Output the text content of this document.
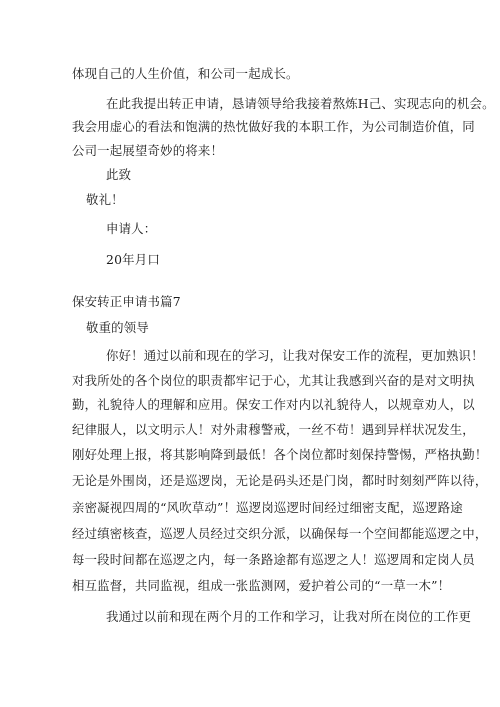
体现自己的人生价值，和公司一起成长。
在此我提出转正申请，恳请领导给我接着熬炼H己、实现志向的机会。
我会用虚心的看法和饱满的热忱做好我的本职工作，为公司制造价值，同
公司一起展望奇妙的将来！
此致
敬礼！
申请人：
20年月口
保安转正申请书篇7
敬重的领导
你好！通过以前和现在的学习，让我对保安工作的流程，更加熟识！
对我所处的各个岗位的职责都牢记于心，尤其让我感到兴奋的是对文明执
勤，礼貌待人的理解和应用。保安工作对内以礼貌待人，以规章劝人，以
纪律服人，以文明示人！对外肃穆警戒，一丝不苟！遇到异样状况发生，
刚好处理上报，将其影响降到最低！各个岗位都时刻保持警惕，严格执勤！
无论是外围岗，还是巡逻岗，无论是码头还是门岗，都时时刻刻严阵以待，
亲密凝视四周的“风吹草动”！巡逻岗巡逻时间经过细密支配，巡逻路途
经过缜密核查，巡逻人员经过交织分派，以确保每一个空间都能巡逻之中，
每一段时间都在巡逻之内，每一条路途都有巡逻之人！巡逻周和定岗人员
相互监督，共同监视，组成一张监测网，爱护着公司的“一草一木”！
我通过以前和现在两个月的工作和学习，让我对所在岗位的工作更
